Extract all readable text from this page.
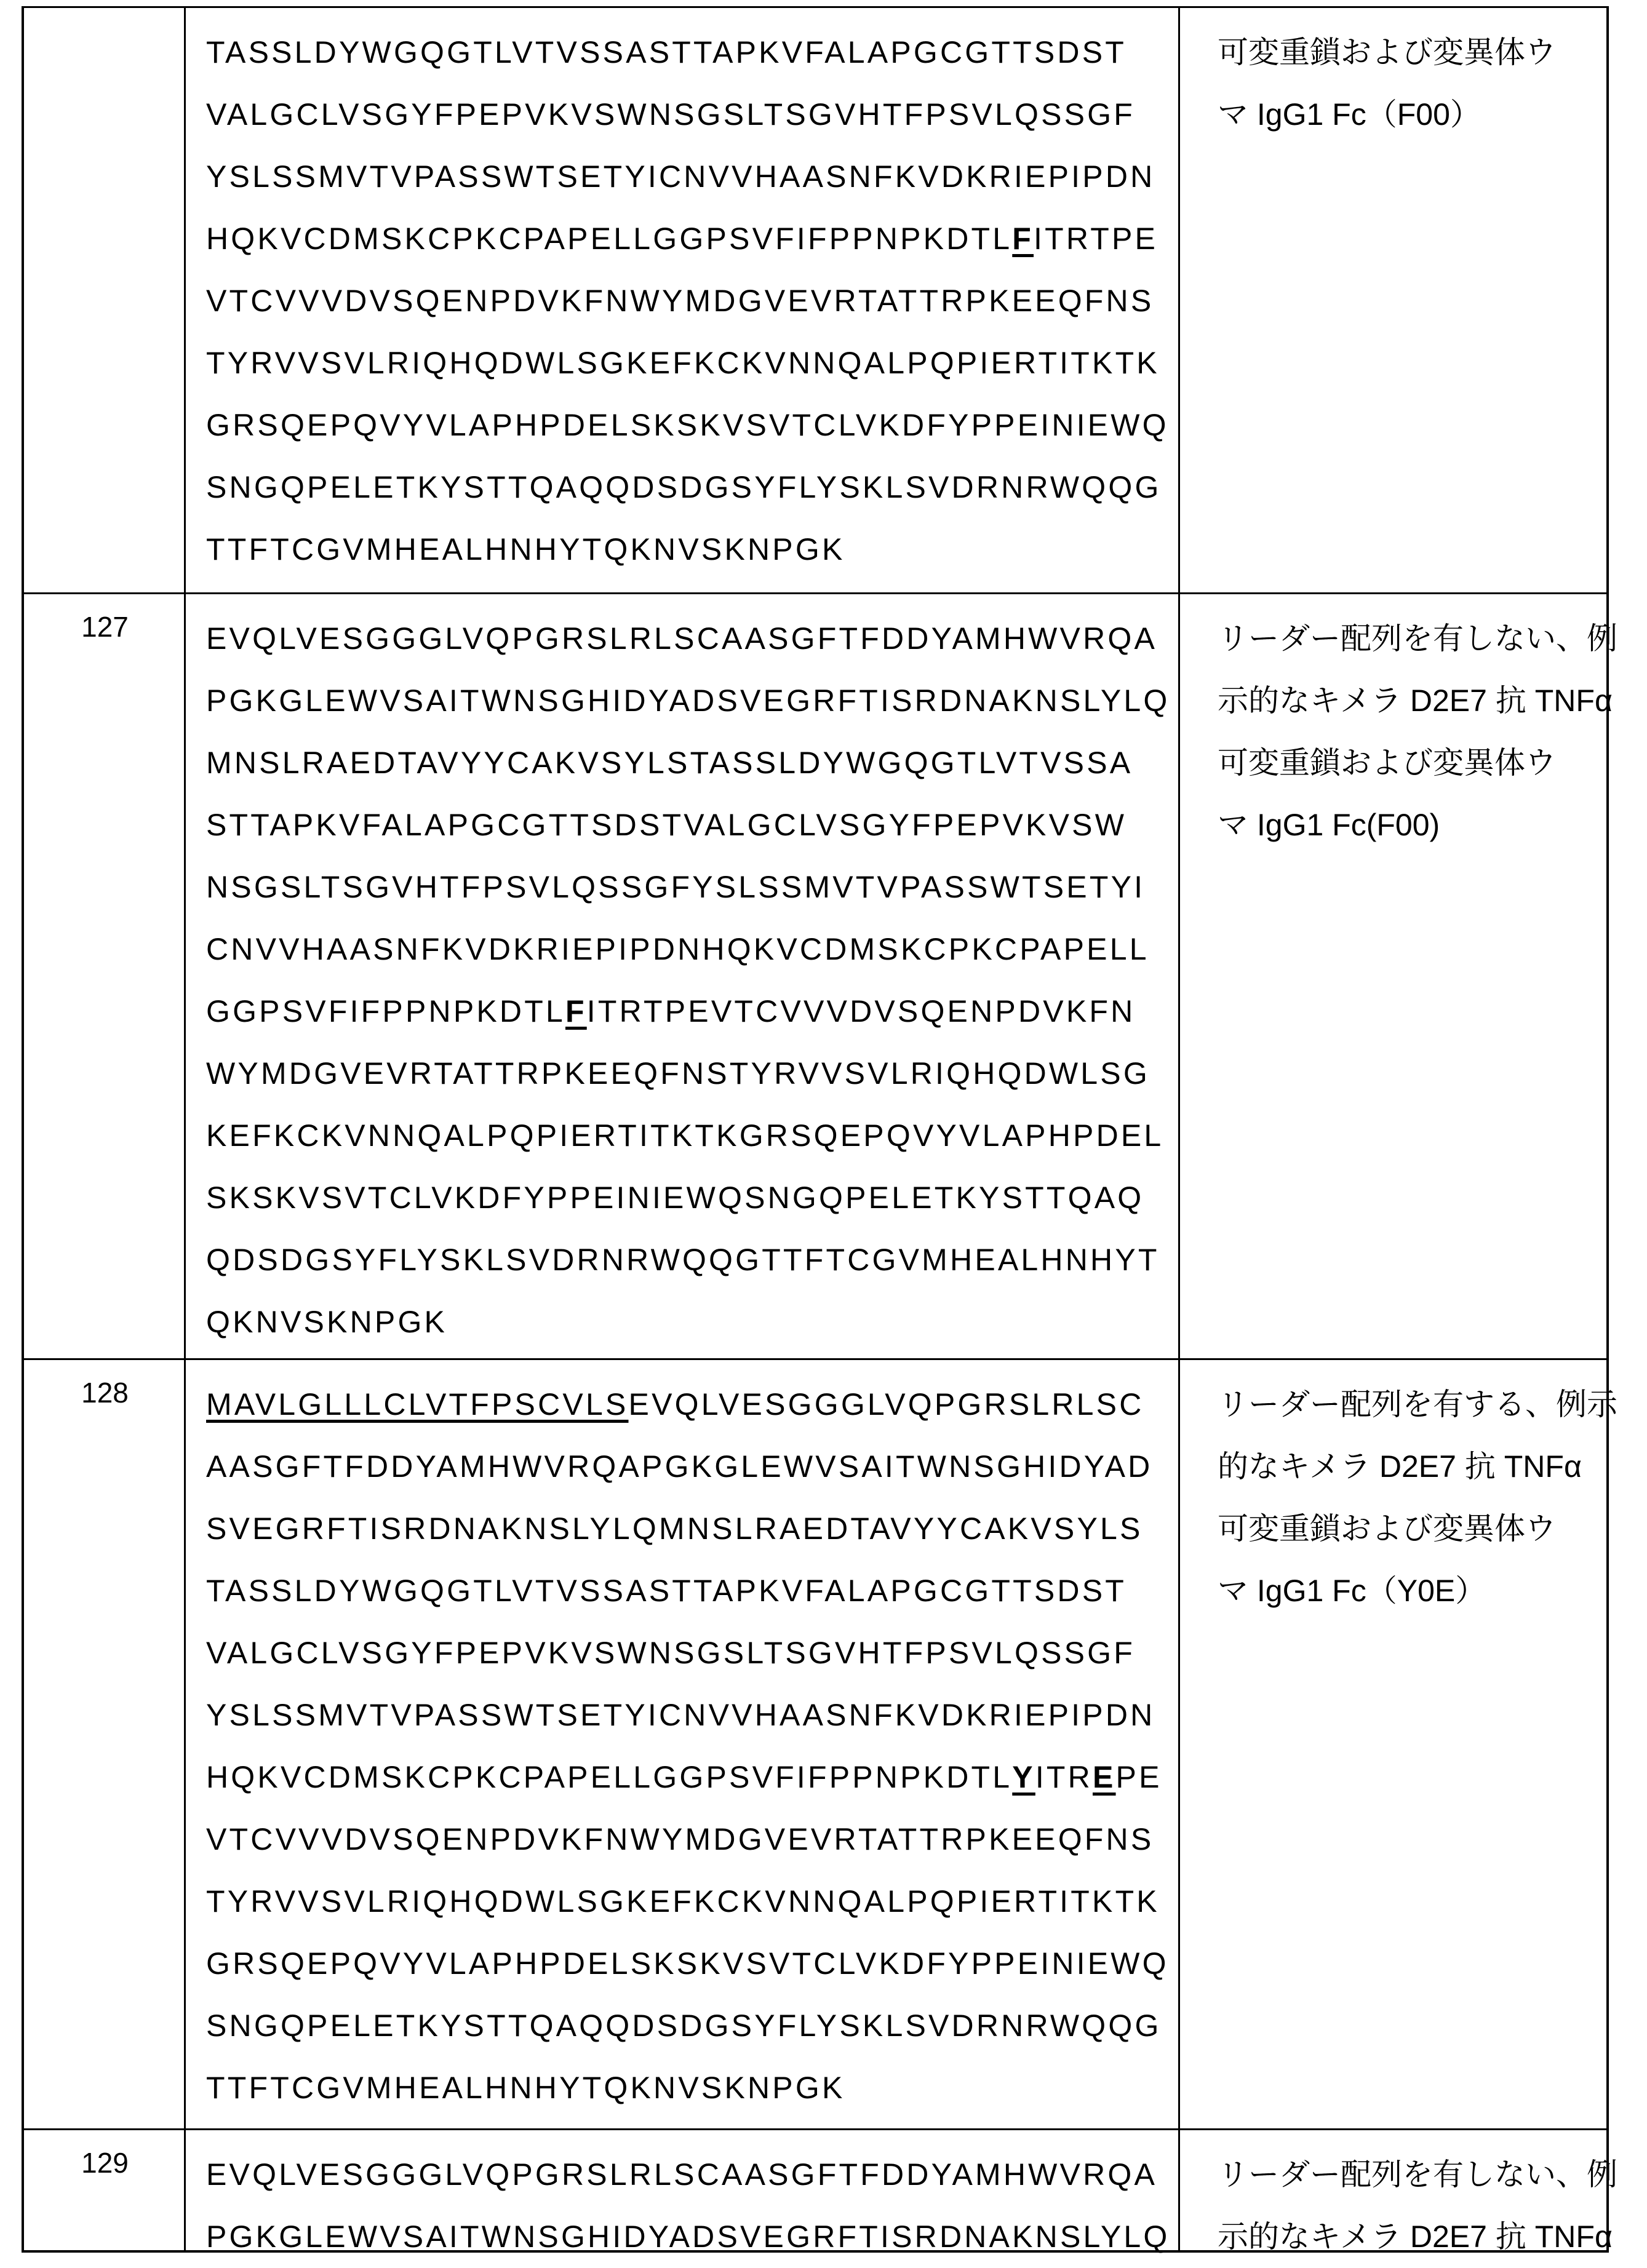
TASSLDYWGQGTLVTVSSASTTAPKVFALAPGCGTTSDST
VALGCLVSGYFPEPVKVSWNSGSLTSGVHTFPSVLQSSGF
YSLSSMVTVPASSWTSETYICNVVHAASNFKVDKRIEPIPDN
HQKVCDMSKCPKCPAPELLGGPSVFIFPPNPKDTLFITRTPE
VTCVVVDVSQENPDVKFNWYMDGVEVRTATTRPKEEQFNS
TYRVVSVLRIQHQDWLSGKEFKCKVNNQALPQPIERTITKTK
GRSQEPQVYVLAPHPDELSKSKVSVTCLVKDFYPPEINIEWQ
SNGQPELETKYSTTQAQQDSDGSYFLYSKLSVDRNRWQQG
TTFTCGVMHEALHNHYTQKNVSKNPGK
可変重鎖および変異体ウ
マ IgG1 Fc（F00）
127	EVQLVESGGGLVQPGRSLRLSCAASGFTFDDYAMHWVRQA
PGKGLEWVSAITWNSGHIDYADSVEGRFTISRDNAKNSLYLQ
MNSLRAEDTAVYYCAKVSYLSTASSLDYWGQGTLVTVSSA
STTAPKVFALAPGCGTTSDSTVALGCLVSGYFPEPVKVSW
NSGSLTSGVHTFPSVLQSSGFYSLSSMVTVPASSWTSETYI
CNVVHAASNFKVDKRIEPIPDNHQKVCDMSKCPKCPAPELL
GGPSVFIFPPNPKDTLFITRTPEVTCVVVDVSQENPDVKFN
WYMDGVEVRTATTRPKEEQFNSTYRVVSVLRIQHQDWLSG
KEFKCKVNNQALPQPIERTITKTKGRSQEPQVYVLAPHPDEL
SKSKVSVTCLVKDFYPPEINIEWQSNGQPELETKYSTTQAQ
QDSDGSYFLYSKLSVDRNRWQQGTTFTCGVMHEALHNHYT
QKNVSKNPGK
リーダー配列を有しない、例
示的なキメラ D2E7 抗 TNFα
可変重鎖および変異体ウ
マ IgG1 Fc(F00)
128	MAVLGLLLCLVTFPSCVLSEVQLVESGGGLVQPGRSLRLSC
AASGFTFDDYAMHWVRQAPGKGLEWVSAITWNSGHIDYAD
SVEGRFTISRDNAKNSLYLQMNSLRAEDTAVYYCAKVSYLS
TASSLDYWGQGTLVTVSSASTTAPKVFALAPGCGTTSDST
VALGCLVSGYFPEPVKVSWNSGSLTSGVHTFPSVLQSSGF
YSLSSMVTVPASSWTSETYICNVVHAASNFKVDKRIEPIPDN
HQKVCDMSKCPKCPAPELLGGPSVFIFPPNPKDTLYITREPE
VTCVVVDVSQENPDVKFNWYMDGVEVRTATTRPKEEQFNS
TYRVVSVLRIQHQDWLSGKEFKCKVNNQALPQPIERTITKTK
GRSQEPQVYVLAPHPDELSKSKVSVTCLVKDFYPPEINIEWQ
SNGQPELETKYSTTQAQQDSDGSYFLYSKLSVDRNRWQQG
TTFTCGVMHEALHNHYTQKNVSKNPGK
リーダー配列を有する、例示
的なキメラ D2E7 抗 TNFα
可変重鎖および変異体ウ
マ IgG1 Fc（Y0E）
129	EVQLVESGGGLVQPGRSLRLSCAASGFTFDDYAMHWVRQA
PGKGLEWVSAITWNSGHIDYADSVEGRFTISRDNAKNSLYLQ
リーダー配列を有しない、例
示的なキメラ D2E7 抗 TNFα
